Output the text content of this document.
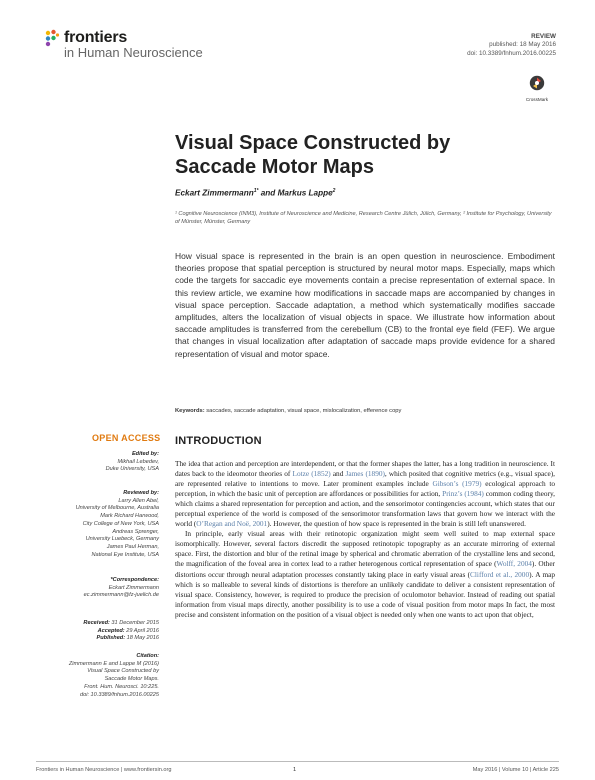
frontiers
in Human Neuroscience
REVIEW
published: 18 May 2016
doi: 10.3389/fnhum.2016.00225
CrossMark
Visual Space Constructed by
Saccade Motor Maps
Eckart Zimmermann$^{1*}$ and Markus Lappe$^2$
¹ Cognitive Neuroscience (INM3), Institute of Neuroscience and Medicine, Research Centre Jülich, Jülich, Germany, ² Institute for Psychology, University of Münster, Münster, Germany
How visual space is represented in the brain is an open question in neuroscience. Embodiment theories propose that spatial perception is structured by neural motor maps. Especially, maps which code the targets for saccadic eye movements contain a precise representation of external space. In this review article, we examine how modifications in saccade maps are accompanied by changes in visual space perception. Saccade adaptation, a method which systematically modifies saccade amplitudes, alters the localization of visual objects in space. We illustrate how information about saccade amplitudes is transferred from the cerebellum (CB) to the frontal eye field (FEF). We argue that changes in visual localization after adaptation of saccade maps provide evidence for a shared representation of visual and motor space.
Keywords: saccades, saccade adaptation, visual space, mislocalization, efference copy
OPEN ACCESS
Edited by:
Mikhail Lebedev,
Duke University, USA
Reviewed by:
Larry Allen Abel,
University of Melbourne, Australia
Mark Richard Harwood,
City College of New York, USA
Andreas Sprenger,
University Luebeck, Germany
James Paul Herman,
National Eye Institute, USA
*Correspondence:
Eckart Zimmermann
ec.zimmermann@fz-juelich.de
Received: 31 December 2015
Accepted: 29 April 2016
Published: 18 May 2016
Citation:
Zimmermann E and Lappe M (2016)
Visual Space Constructed by
Saccade Motor Maps.
Front. Hum. Neurosci. 10:225.
doi: 10.3389/fnhum.2016.00225
INTRODUCTION

The idea that action and perception are interdependent, or that the former shapes the latter, has a long tradition in neuroscience. It dates back to the ideomotor theories of Lotze (1852) and James (1890), which posited that cognitive metrics (e.g., visual space), are represented relative to intentions to move. Later prominent examples include Gibson’s (1979) ecological approach to perception, in which the basic unit of perception are affordances or possibilities for action, Prinz’s (1984) common coding theory, which claims a shared representation for perception and action, and the sensorimotor contingencies account, which states that our perceptual experience of the world is composed of the sensorimotor transformation laws that govern how we interact with the world (O’Regan and Noë, 2001). However, the question of how space is represented in the brain is still left unanswered.

In principle, early visual areas with their retinotopic organization might seem well suited to map external space isomorphically. However, several factors discredit the supposed retinotopic topography as an accurate mirroring of external space. First, the distortion and blur of the retinal image by spherical and chromatic aberration of the crystalline lens and second, the magnification of the foveal area in cortex lead to a rather heterogenous cortical representation of space (Wolff, 2004). Other distortions occur through neural adaptation processes constantly taking place in early visual areas (Clifford et al., 2000). A map which is so malleable to several kinds of distortions is therefore an unlikely candidate to deliver a consistent representation of visual space. Consistency, however, is required to produce the precision of oculomotor behavior. Instead of reading out spatial information from visual maps directly, another possibility is to use a code of visual position from motor maps In fact, the most precise and consistent information on the position of a visual object is needed only when one wants to act upon that object,

Frontiers in Human Neuroscience | www.frontiersin.org	1	May 2016 | Volume 10 | Article 225
